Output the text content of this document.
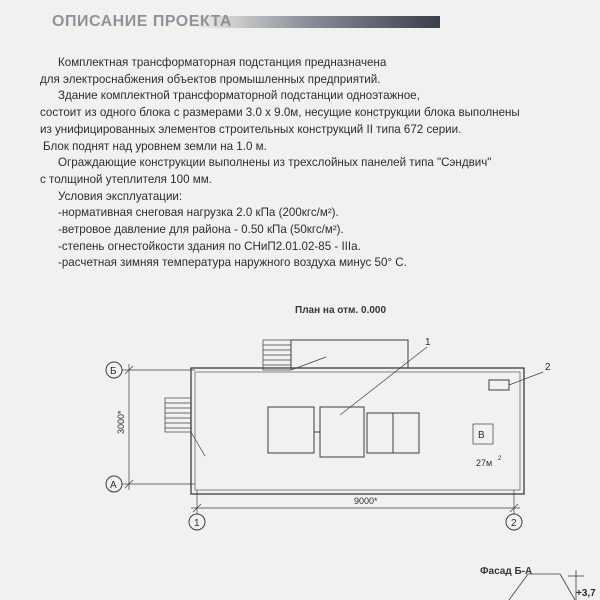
ОПИСАНИЕ ПРОЕКТА

Комплектная трансформаторная подстанция предназначена

для электроснабжения объектов промышленных предприятий.

Здание комплектной трансформаторной подстанции одноэтажное,

состоит из одного блока с размерами 3.0 х 9.0м, несущие конструкции блока выполнены

из унифицированных элементов строительных конструкций II типа 672 серии.

Блок поднят над уровнем земли на 1.0 м.

Ограждающие конструкции выполнены из трехслойных панелей типа "Сэндвич"

с толщиной утеплителя 100 мм.

Условия эксплуатации:

-нормативная снеговая нагрузка 2.0 кПа (200кгс/м²).

-ветровое давление для района - 0.50 кПа (50кгс/м²).

-степень огнестойкости здания по СНиП2.01.02-85 - IIIа.

-расчетная зимняя температура наружного воздуха минус 50° С.

План на отм. 0.000
Б
А
1	2
3000*
9000*
1
2
В
27м 2
+3,7
Фасад Б-А
